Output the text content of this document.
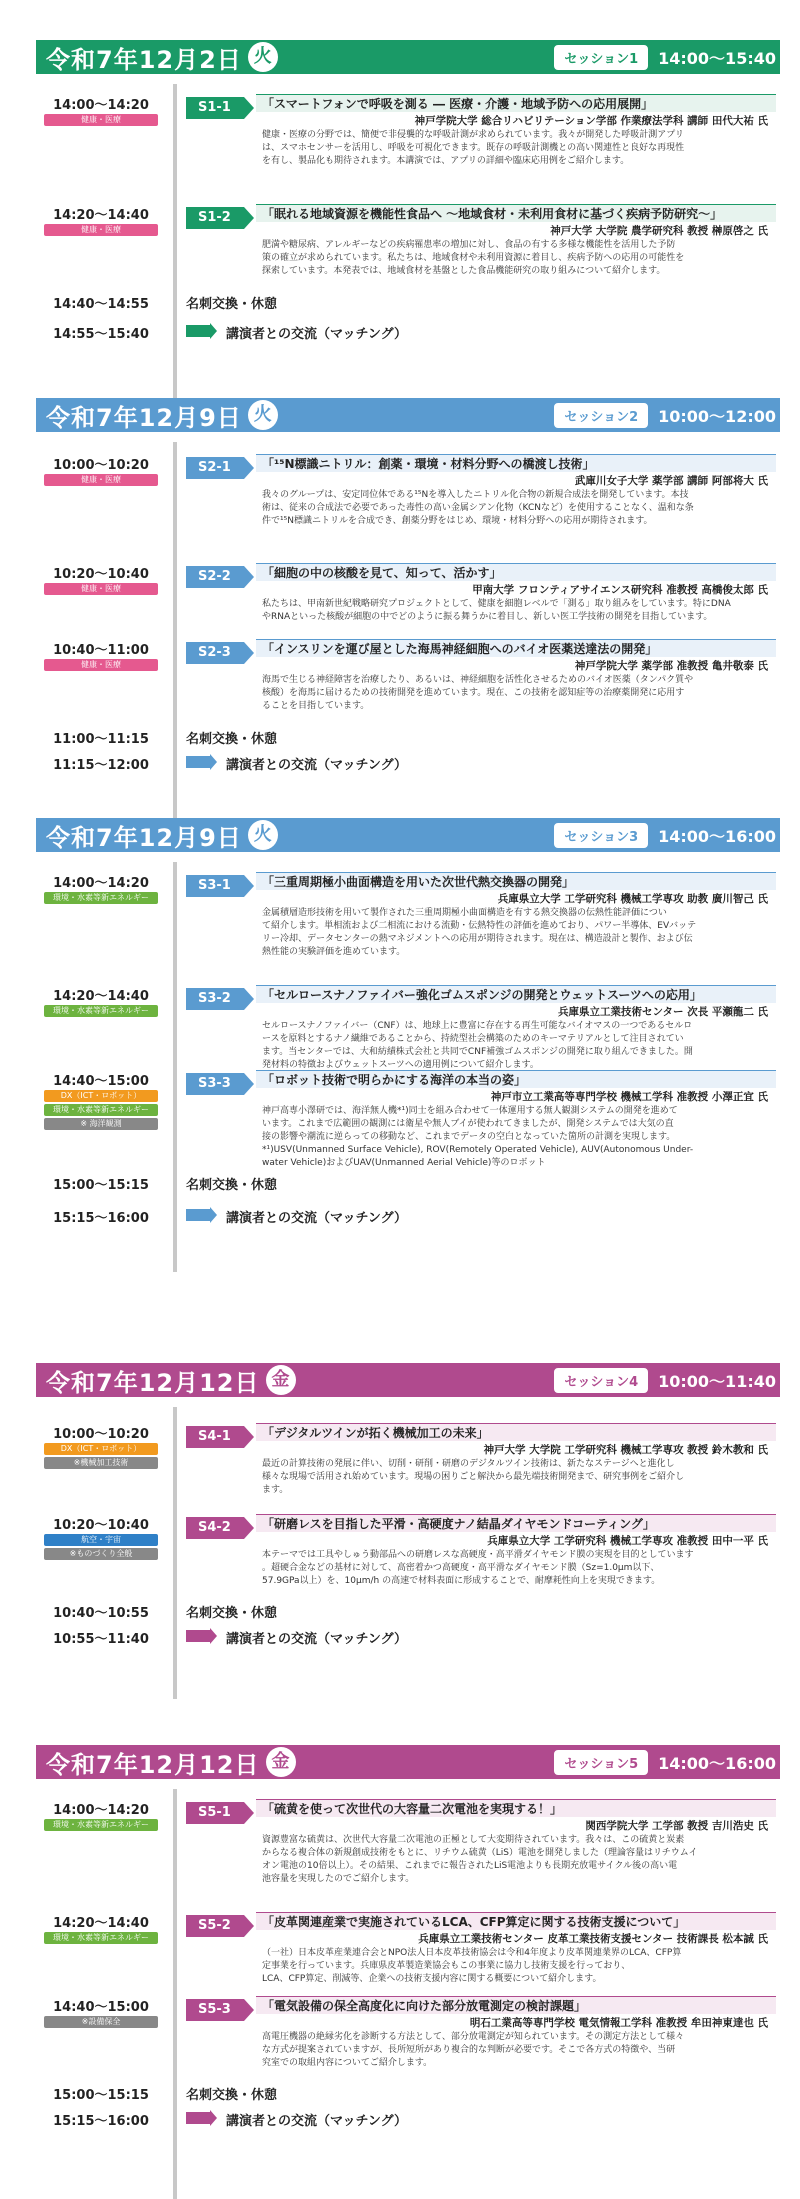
令和7年12月2日 火	セッション1	14:00～15:40
14:00～14:20
健康・医療
S1-1	「スマートフォンで呼吸を測る ― 医療・介護・地域予防への応用展開」
神戸学院大学 総合リハビリテーション学部 作業療法学科 講師 田代大祐 氏
健康・医療の分野では、簡便で非侵襲的な呼吸計測が求められています。我々が開発した呼吸計測アプリ
は、スマホセンサーを活用し、呼吸を可視化できます。既存の呼吸計測機との高い関連性と良好な再現性
を有し、製品化も期待されます。本講演では、アプリの詳細や臨床応用例をご紹介します。
14:20～14:40
健康・医療
S1-2	「眠れる地域資源を機能性食品へ ～地域食材・未利用食材に基づく疾病予防研究～」
神戸大学 大学院 農学研究科 教授 榊原啓之 氏
肥満や糖尿病、アレルギーなどの疾病罹患率の増加に対し、食品の有する多様な機能性を活用した予防
策の確立が求められています。私たちは、地域食材や未利用資源に着目し、疾病予防への応用の可能性を
探索しています。本発表では、地域食材を基盤とした食品機能研究の取り組みについて紹介します。
14:40～14:55	名刺交換・休憩
14:55～15:40	講演者との交流（マッチング）
令和7年12月9日 火	セッション2	10:00～12:00
10:00～10:20
健康・医療
S2-1	「¹⁵N標識ニトリル：創薬・環境・材料分野への橋渡し技術」
武庫川女子大学 薬学部 講師 阿部将大 氏
我々のグループは、安定同位体である¹⁵Nを導入したニトリル化合物の新規合成法を開発しています。本技
術は、従来の合成法で必要であった毒性の高い金属シアン化物（KCNなど）を使用することなく、温和な条
件で¹⁵N標識ニトリルを合成でき、創薬分野をはじめ、環境・材料分野への応用が期待されます。
10:20～10:40
健康・医療
S2-2	「細胞の中の核酸を見て、知って、活かす」
甲南大学 フロンティアサイエンス研究科 准教授 高橋俊太郎 氏
私たちは、甲南新世紀戦略研究プロジェクトとして、健康を細胞レベルで「測る」取り組みをしています。特にDNA
やRNAといった核酸が細胞の中でどのように振る舞うかに着目し、新しい医工学技術の開発を目指しています。
10:40～11:00
健康・医療
S2-3	「インスリンを運び屋とした海馬神経細胞へのバイオ医薬送達法の開発」
神戸学院大学 薬学部 准教授 亀井敬泰 氏
海馬で生じる神経障害を治療したり、あるいは、神経細胞を活性化させるためのバイオ医薬（タンパク質や
核酸）を海馬に届けるための技術開発を進めています。現在、この技術を認知症等の治療薬開発に応用す
ることを目指しています。
11:00～11:15	名刺交換・休憩
11:15～12:00	講演者との交流（マッチング）
令和7年12月9日 火	セッション3	14:00～16:00
14:00～14:20
環境・水素等新エネルギー
S3-1	「三重周期極小曲面構造を用いた次世代熱交換器の開発」
兵庫県立大学 工学研究科 機械工学専攻 助教 廣川智己 氏
金属積層造形技術を用いて製作された三重周期極小曲面構造を有する熱交換器の伝熱性能評価につい
て紹介します。単相流および二相流における流動・伝熱特性の評価を進めており、パワー半導体、EVバッテ
リー冷却、データセンターの熱マネジメントへの応用が期待されます。現在は、構造設計と製作、および伝
熱性能の実験評価を進めています。
14:20～14:40
環境・水素等新エネルギー
S3-2	「セルロースナノファイバー強化ゴムスポンジの開発とウェットスーツへの応用」
兵庫県立工業技術センター 次長 平瀬龍二 氏
セルロースナノファイバー（CNF）は、地球上に豊富に存在する再生可能なバイオマスの一つであるセルロ
ースを原料とするナノ繊維であることから、持続型社会構築のためのキーマテリアルとして注目されてい
ます。当センターでは、大和紡績株式会社と共同でCNF補強ゴムスポンジの開発に取り組んできました。開
発材料の特徴およびウェットスーツへの適用例について紹介します。
14:40～15:00
DX（ICT・ロボット）
環境・水素等新エネルギー
※ 海洋観測
S3-3	「ロボット技術で明らかにする海洋の本当の姿」
神戸市立工業高等専門学校 機械工学科 准教授 小澤正宜 氏
神戸高専小澤研では、海洋無人機*¹)同士を組み合わせて一体運用する無人観測システムの開発を進めて
います。これまで広範囲の観測には衛星や無人ブイが使われてきましたが、開発システムでは大気の直
接の影響や潮流に逆らっての移動など、これまでデータの空白となっていた箇所の計測を実現します。
*¹)USV(Unmanned Surface Vehicle), ROV(Remotely Operated Vehicle), AUV(Autonomous Under-
water Vehicle)およびUAV(Unmanned Aerial Vehicle)等のロボット
15:00～15:15	名刺交換・休憩
15:15～16:00	講演者との交流（マッチング）
令和7年12月12日 金	セッション4	10:00～11:40
10:00～10:20
DX（ICT・ロボット）
※機械加工技術
S4-1	「デジタルツインが拓く機械加工の未来」
神戸大学 大学院 工学研究科 機械工学専攻 教授 鈴木教和 氏
最近の計算技術の発展に伴い、切削・研削・研磨のデジタルツイン技術は、新たなステージへと進化し
様々な現場で活用され始めています。現場の困りごと解決から最先端技術開発まで、研究事例をご紹介し
ます。
10:20～10:40
航空・宇宙
※ものづくり全般
S4-2	「研磨レスを目指した平滑・高硬度ナノ結晶ダイヤモンドコーティング」
兵庫県立大学 工学研究科 機械工学専攻 准教授 田中一平 氏
本テーマでは工具やしゅう動部品への研磨レスな高硬度・高平滑ダイヤモンド膜の実現を目的としています
。超硬合金などの基材に対して、高密着かつ高硬度・高平滑なダイヤモンド膜（Sz=1.0μm以下、
57.9GPa以上）を、10μm/h の高速で材料表面に形成することで、耐摩耗性向上を実現できます。
10:40～10:55	名刺交換・休憩
10:55～11:40	講演者との交流（マッチング）
令和7年12月12日 金	セッション5	14:00～16:00
14:00～14:20
環境・水素等新エネルギー
S5-1	「硫黄を使って次世代の大容量二次電池を実現する！」
関西学院大学 工学部 教授 吉川浩史 氏
資源豊富な硫黄は、次世代大容量二次電池の正極として大変期待されています。我々は、この硫黄と炭素
からなる複合体の新規創成技術をもとに、リチウム硫黄（LiS）電池を開発しました（理論容量はリチウムイ
オン電池の10倍以上）。その結果、これまでに報告されたLiS電池よりも長期充放電サイクル後の高い電
池容量を実現したのでご紹介します。
14:20～14:40
環境・水素等新エネルギー
S5-2	「皮革関連産業で実施されているLCA、CFP算定に関する技術支援について」
兵庫県立工業技術センター 皮革工業技術支援センター 技術課長 松本誠 氏
（一社）日本皮革産業連合会とNPO法人日本皮革技術協会は令和4年度より皮革関連業界のLCA、CFP算
定事業を行っています。兵庫県皮革製造業協会もこの事業に協力し技術支援を行っており、
LCA、CFP算定、削減等、企業への技術支援内容に関する概要について紹介します。
14:40～15:00
※設備保全
S5-3	「電気設備の保全高度化に向けた部分放電測定の検討課題」
明石工業高等専門学校 電気情報工学科 准教授 牟田神東達也 氏
高電圧機器の絶縁劣化を診断する方法として、部分放電測定が知られています。その測定方法として様々
な方式が提案されていますが、長所短所があり複合的な判断が必要です。そこで各方式の特徴や、当研
究室での取組内容についてご紹介します。
15:00～15:15	名刺交換・休憩
15:15～16:00	講演者との交流（マッチング）
